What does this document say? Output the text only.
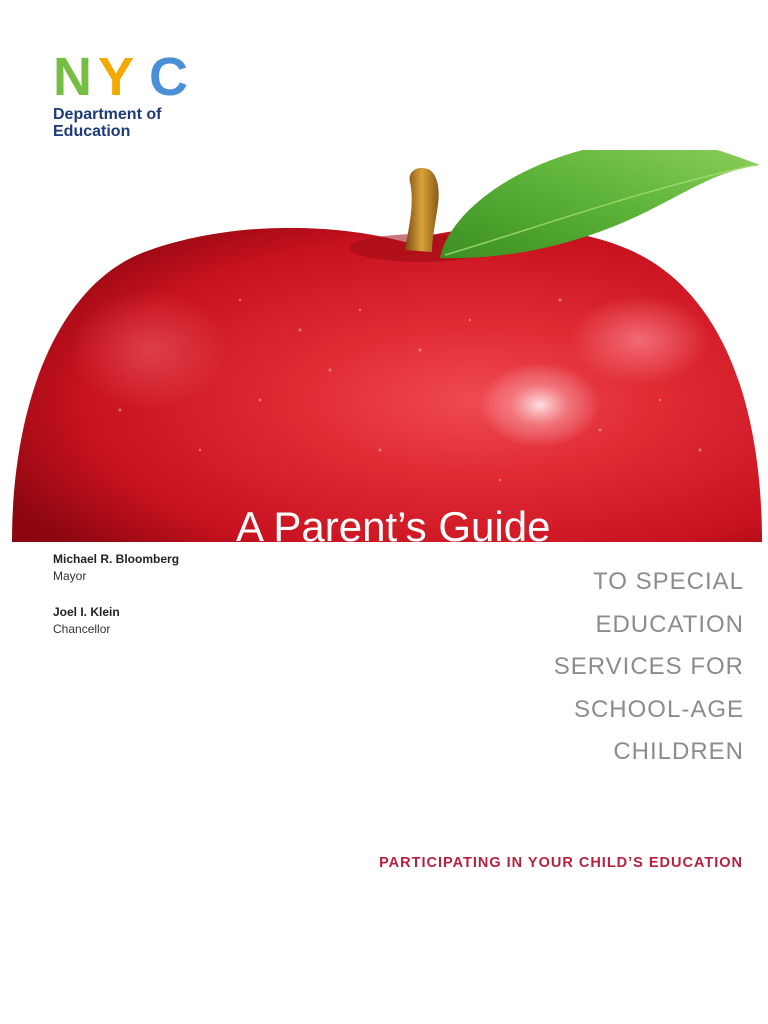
N Y C
Department of
Education
A Parent’s Guide
Michael R. Bloomberg
Mayor
Joel I. Klein
Chancellor
TO SPECIAL
EDUCATION
SERVICES FOR
SCHOOL-AGE
CHILDREN
PARTICIPATING IN YOUR CHILD’S EDUCATION
